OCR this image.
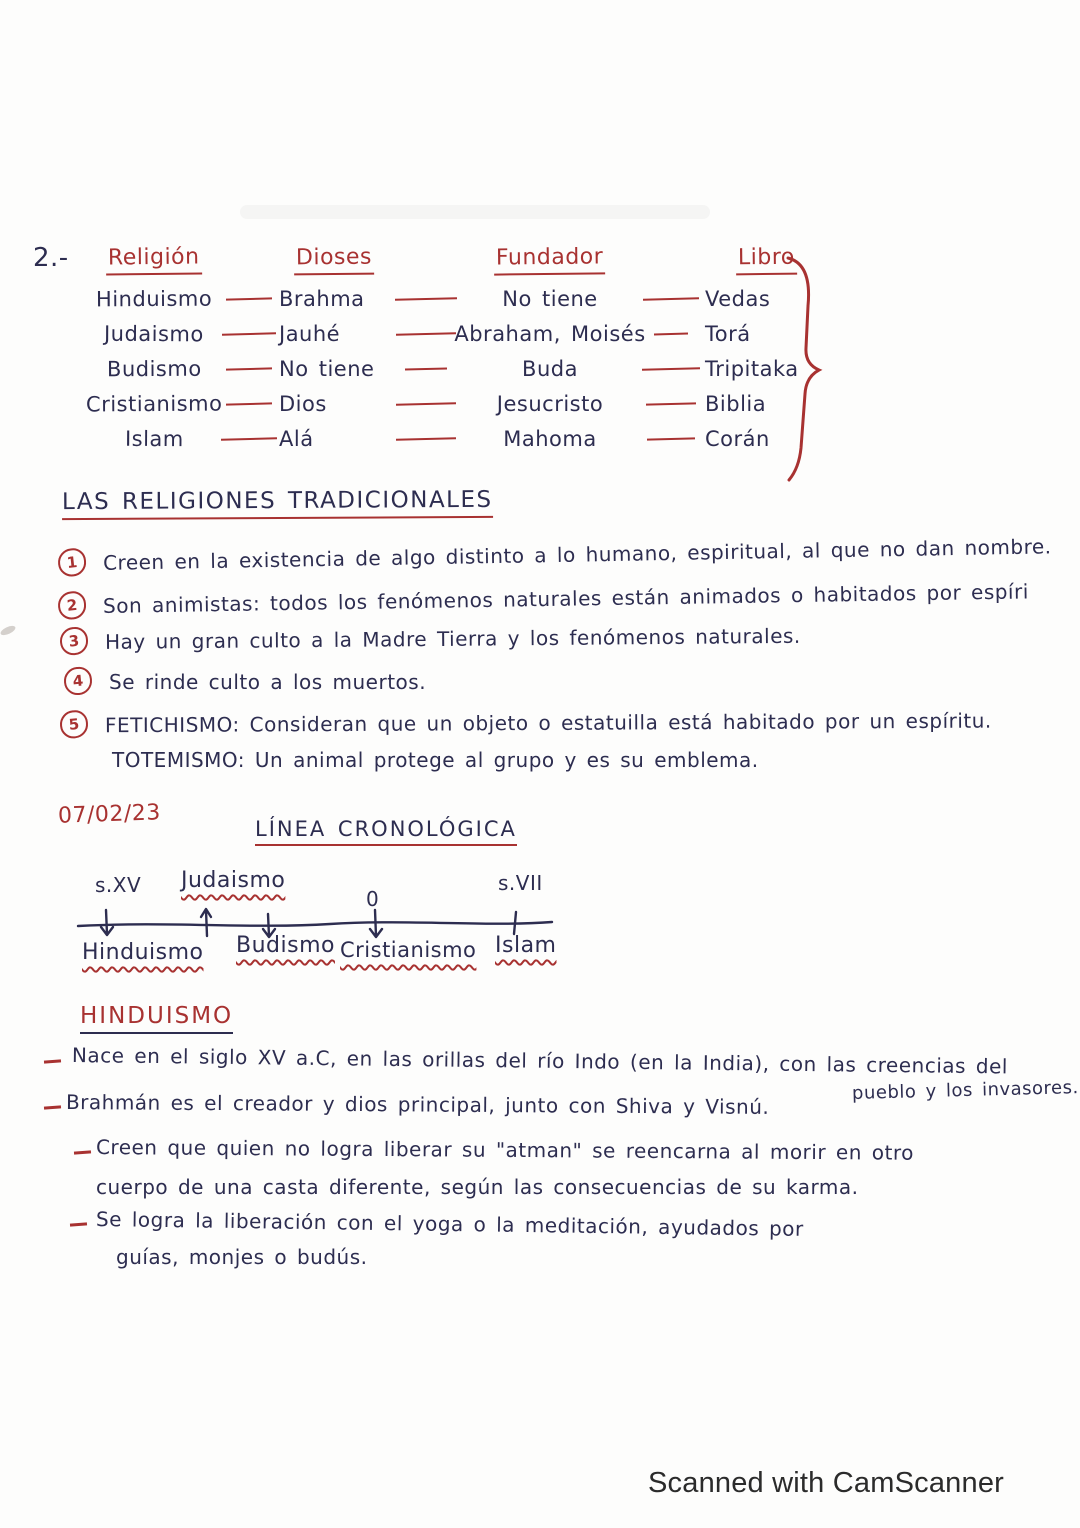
2.- Religión	Dioses	Fundador	Libro
Hinduismo	Brahma	No tiene	Vedas
Judaismo	Jauhé	Abraham, Moisés	Torá
Budismo	No tiene	Buda	Tripitaka
Cristianismo	Dios	Jesucristo	Biblia
Islam	Alá	Mahoma	Corán
LAS RELIGIONES TRADICIONALES
1	Creen en la existencia de algo distinto a lo humano, espiritual, al que no dan nombre.
2	Son animistas: todos los fenómenos naturales están animados o habitados por espíri
3	Hay un gran culto a la Madre Tierra y los fenómenos naturales.
4	Se rinde culto a los muertos.
5	FETICHISMO: Consideran que un objeto o estatuilla está habitado por un espíritu.
TOTEMISMO: Un animal protege al grupo y es su emblema.
07/02/23
LÍNEA CRONOLÓGICA
s.XV Judaismo
0
s.VII
Hinduismo Budismo Cristianismo Islam
HINDUISMO
Nace en el siglo XV a.C, en las orillas del río Indo (en la India), con las creencias del
pueblo y los invasores.
Brahmán es el creador y dios principal, junto con Shiva y Visnú.
Creen que quien no logra liberar su "atman" se reencarna al morir en otro
cuerpo de una casta diferente, según las consecuencias de su karma.
Se logra la liberación con el yoga o la meditación, ayudados por
guías, monjes o budús.
Scanned with CamScanner
